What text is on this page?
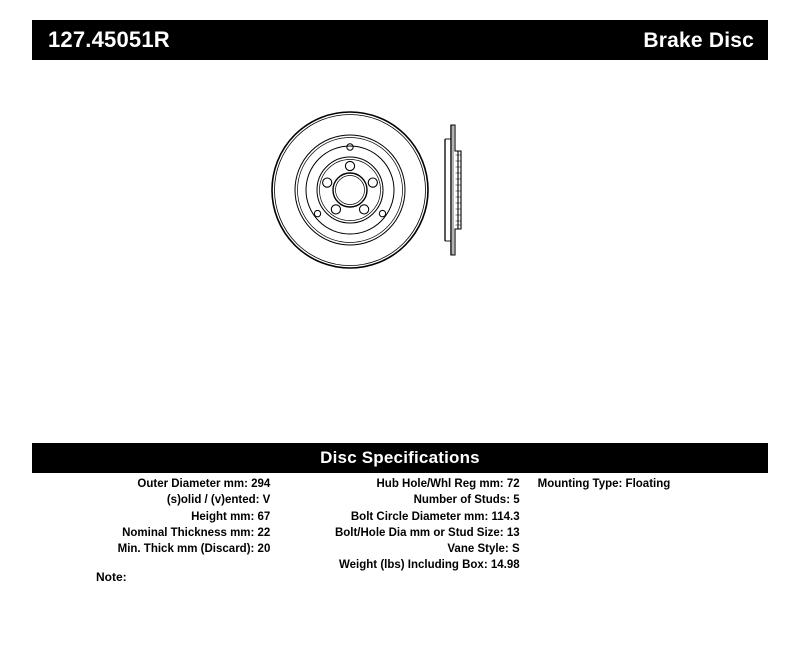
127.45051R	Brake Disc
Disc Specifications
Outer Diameter mm: 294
(s)olid / (v)ented: V
Height mm: 67
Nominal Thickness mm: 22
Min. Thick mm (Discard): 20
Hub Hole/Whl Reg mm: 72
Number of Studs: 5
Bolt Circle Diameter mm: 114.3
Bolt/Hole Dia mm or Stud Size: 13
Vane Style: S
Weight (lbs) Including Box: 14.98
Mounting Type: Floating
Note:
